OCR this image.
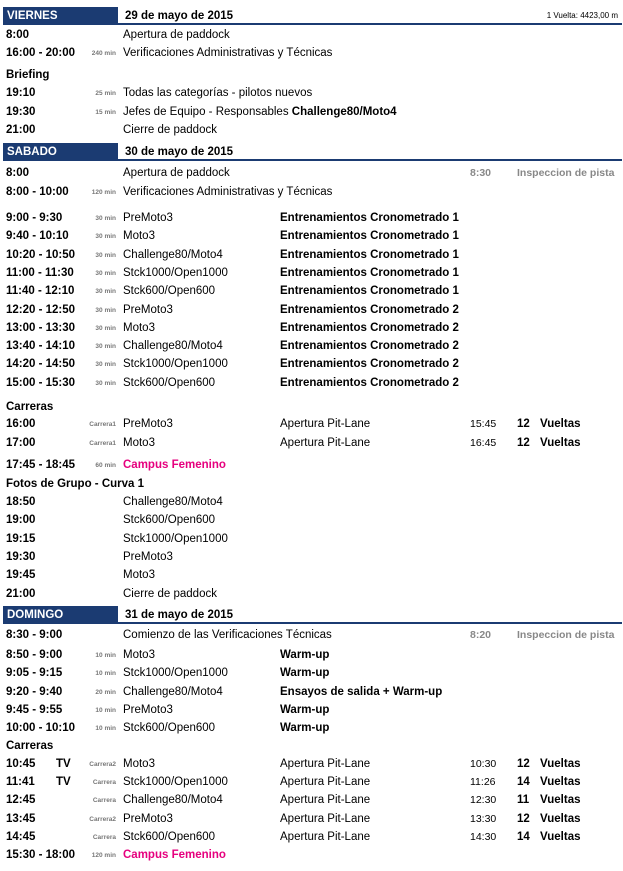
VIERNES	29 de mayo de 2015	1 Vuelta: 4423,00 m
8:00	Apertura de paddock
16:00 - 20:00	240 min Verificaciones Administrativas y Técnicas
Briefing
19:10	25 min Todas las categorías - pilotos nuevos
19:30	15 min Jefes de Equipo - Responsables Challenge80/Moto4
21:00	Cierre de paddock
SABADO	30 de mayo de 2015
8:00	Apertura de paddock	8:30 Inspeccion de pista
8:00 - 10:00	120 min Verificaciones Administrativas y Técnicas
9:00 - 9:30	30 min PreMoto3	Entrenamientos Cronometrado 1
9:40 - 10:10	30 min Moto3	Entrenamientos Cronometrado 1
10:20 - 10:50	30 min Challenge80/Moto4	Entrenamientos Cronometrado 1
11:00 - 11:30	30 min Stck1000/Open1000	Entrenamientos Cronometrado 1
11:40 - 12:10	30 min Stck600/Open600	Entrenamientos Cronometrado 1
12:20 - 12:50	30 min PreMoto3	Entrenamientos Cronometrado 2
13:00 - 13:30	30 min Moto3	Entrenamientos Cronometrado 2
13:40 - 14:10	30 min Challenge80/Moto4	Entrenamientos Cronometrado 2
14:20 - 14:50	30 min Stck1000/Open1000	Entrenamientos Cronometrado 2
15:00 - 15:30	30 min Stck600/Open600	Entrenamientos Cronometrado 2
Carreras
16:00	Carrera1 PreMoto3	Apertura Pit-Lane	15:45 12 Vueltas
17:00	Carrera1 Moto3	Apertura Pit-Lane	16:45 12 Vueltas
17:45 - 18:45	60 min Campus Femenino
Fotos de Grupo - Curva 1
18:50	Challenge80/Moto4
19:00	Stck600/Open600
19:15	Stck1000/Open1000
19:30	PreMoto3
19:45	Moto3
21:00	Cierre de paddock
DOMINGO	31 de mayo de 2015
8:30 - 9:00	Comienzo de las Verificaciones Técnicas	8:20 Inspeccion de pista
8:50 - 9:00	10 min Moto3	Warm-up
9:05 - 9:15	10 min Stck1000/Open1000	Warm-up
9:20 - 9:40	20 min Challenge80/Moto4	Ensayos de salida + Warm-up
9:45 - 9:55	10 min PreMoto3	Warm-up
10:00 - 10:10	10 min Stck600/Open600	Warm-up
Carreras
10:45 TV	Carrera2 Moto3	Apertura Pit-Lane	10:30 12 Vueltas
11:41 TV	Carrera Stck1000/Open1000	Apertura Pit-Lane	11:26 14 Vueltas
12:45	Carrera Challenge80/Moto4	Apertura Pit-Lane	12:30 11 Vueltas
13:45	Carrera2 PreMoto3	Apertura Pit-Lane	13:30 12 Vueltas
14:45	Carrera Stck600/Open600	Apertura Pit-Lane	14:30 14 Vueltas
15:30 - 18:00	120 min Campus Femenino
